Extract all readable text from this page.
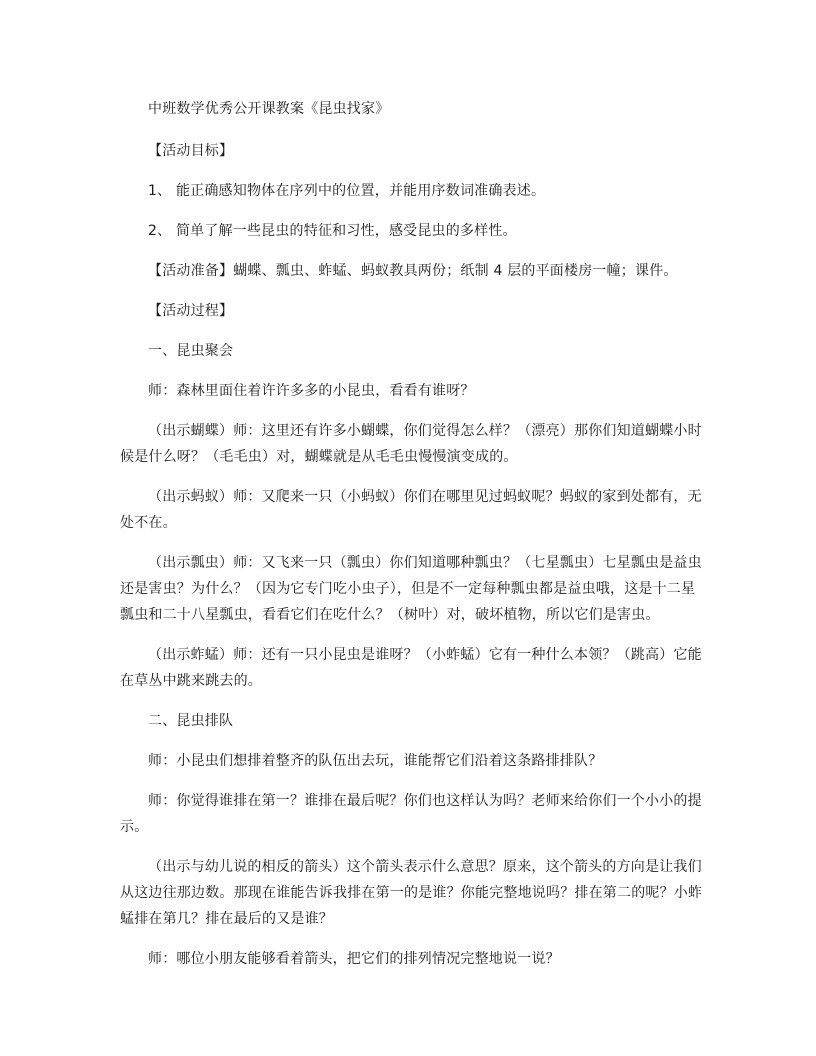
中班数学优秀公开课教案《昆虫找家》

【活动目标】

1、 能正确感知物体在序列中的位置，并能用序数词准确表述。

2、 简单了解一些昆虫的特征和习性，感受昆虫的多样性。

【活动准备】蝴蝶、瓢虫、蚱蜢、蚂蚁教具两份；纸制 4 层的平面楼房一幢；课件。

【活动过程】

一、昆虫聚会

师：森林里面住着许许多多的小昆虫，看看有谁呀？

（出示蝴蝶）师：这里还有许多小蝴蝶，你们觉得怎么样？（漂亮）那你们知道蝴蝶小时

候是什么呀？（毛毛虫）对，蝴蝶就是从毛毛虫慢慢演变成的。

（出示蚂蚁）师：又爬来一只（小蚂蚁）你们在哪里见过蚂蚁呢？蚂蚁的家到处都有，无

处不在。

（出示瓢虫）师：又飞来一只（瓢虫）你们知道哪种瓢虫？（七星瓢虫）七星瓢虫是益虫

还是害虫？为什么？（因为它专门吃小虫子），但是不一定每种瓢虫都是益虫哦，这是十二星

瓢虫和二十八星瓢虫，看看它们在吃什么？（树叶）对，破坏植物，所以它们是害虫。

（出示蚱蜢）师：还有一只小昆虫是谁呀？（小蚱蜢）它有一种什么本领？（跳高）它能

在草丛中跳来跳去的。

二、昆虫排队

师：小昆虫们想排着整齐的队伍出去玩，谁能帮它们沿着这条路排排队？

师：你觉得谁排在第一？谁排在最后呢？你们也这样认为吗？老师来给你们一个小小的提

示。

（出示与幼儿说的相反的箭头）这个箭头表示什么意思？原来，这个箭头的方向是让我们

从这边往那边数。那现在谁能告诉我排在第一的是谁？你能完整地说吗？排在第二的呢？小蚱

蜢排在第几？排在最后的又是谁？

师：哪位小朋友能够看着箭头，把它们的排列情况完整地说一说？
